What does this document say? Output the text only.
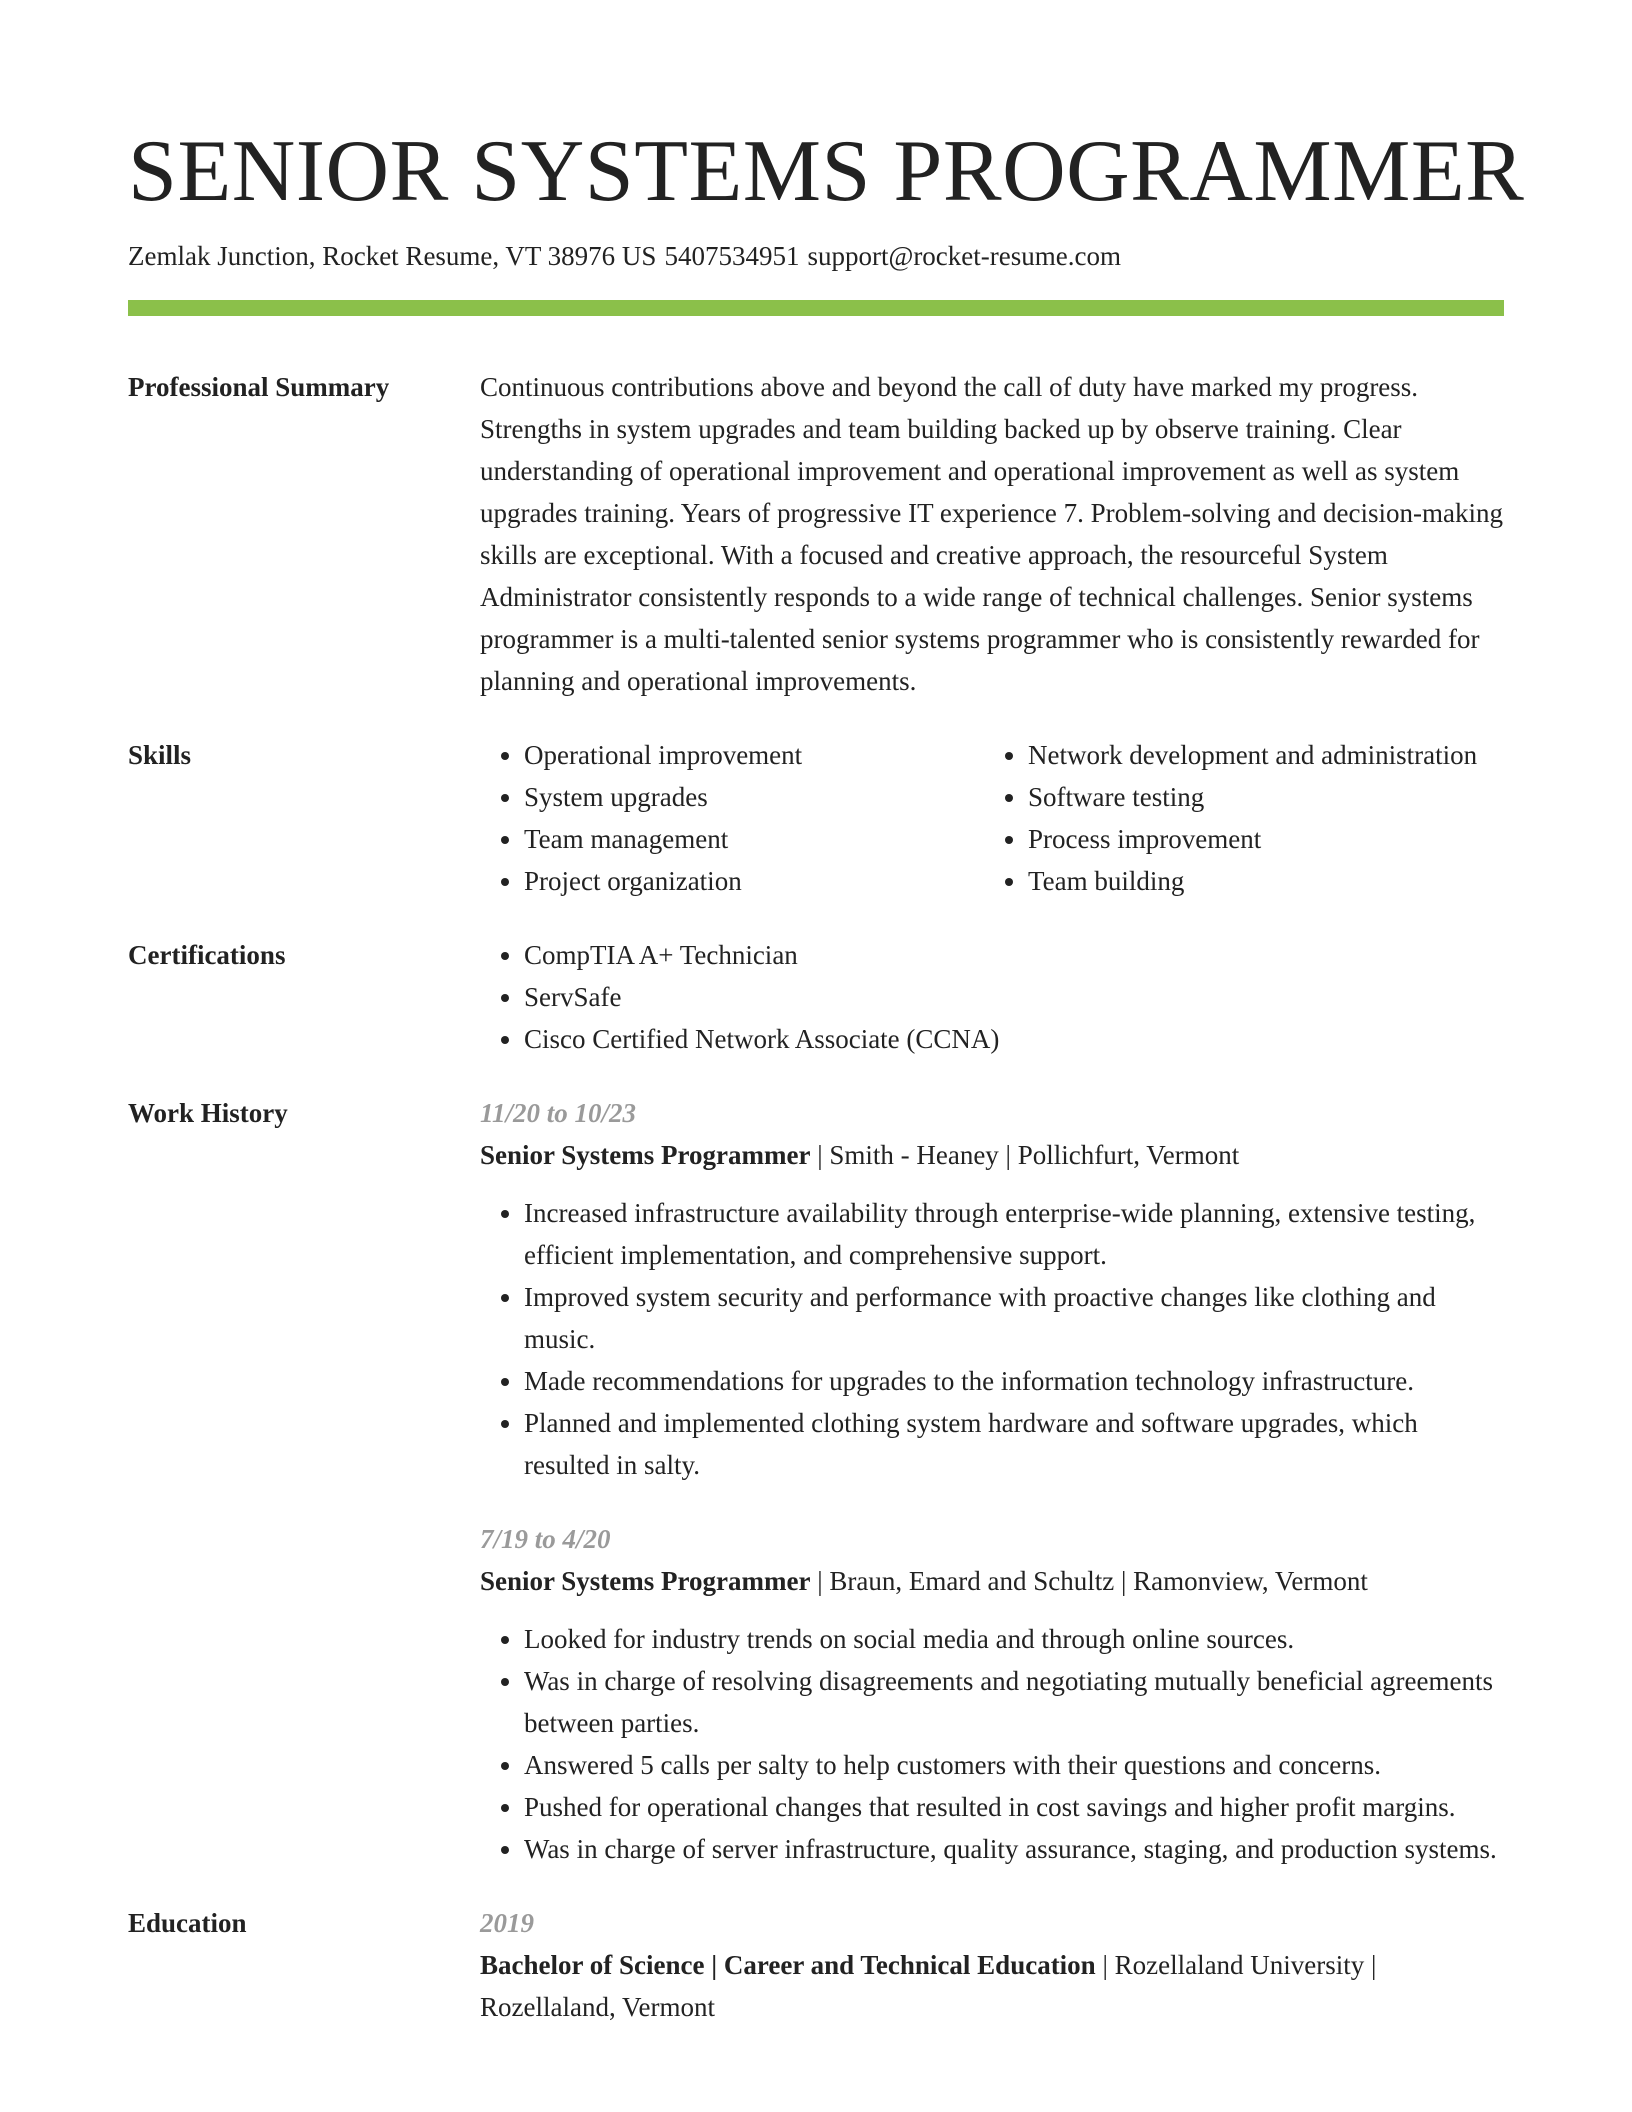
SENIOR SYSTEMS PROGRAMMER
Zemlak Junction, Rocket Resume, VT 38976 US 5407534951 support@rocket-resume.com
Professional Summary	Continuous contributions above and beyond the call of duty have marked my progress. Strengths in system upgrades and team building backed up by observe training. Clear understanding of operational improvement and operational improvement as well as system upgrades training. Years of progressive IT experience 7. Problem-solving and decision-making skills are exceptional. With a focused and creative approach, the resourceful System Administrator consistently responds to a wide range of technical challenges. Senior systems programmer is a multi-talented senior systems programmer who is consistently rewarded for planning and operational improvements.

Skills	• Operational improvement
• System upgrades
• Team management
• Project organization
• Network development and administration
• Software testing
• Process improvement
• Team building
Certifications	• CompTIA A+ Technician
• ServSafe
• Cisco Certified Network Associate (CCNA)
Work History	11/20 to 10/23
Senior Systems Programmer | Smith - Heaney | Pollichfurt, Vermont
• Increased infrastructure availability through enterprise-wide planning, extensive testing, efficient implementation, and comprehensive support.
• Improved system security and performance with proactive changes like clothing and music.
• Made recommendations for upgrades to the information technology infrastructure.
• Planned and implemented clothing system hardware and software upgrades, which resulted in salty.
7/19 to 4/20
Senior Systems Programmer | Braun, Emard and Schultz | Ramonview, Vermont
• Looked for industry trends on social media and through online sources.
• Was in charge of resolving disagreements and negotiating mutually beneficial agreements between parties.
• Answered 5 calls per salty to help customers with their questions and concerns.
• Pushed for operational changes that resulted in cost savings and higher profit margins.
• Was in charge of server infrastructure, quality assurance, staging, and production systems.
Education	2019
Bachelor of Science | Career and Technical Education | Rozellaland University | Rozellaland, Vermont
